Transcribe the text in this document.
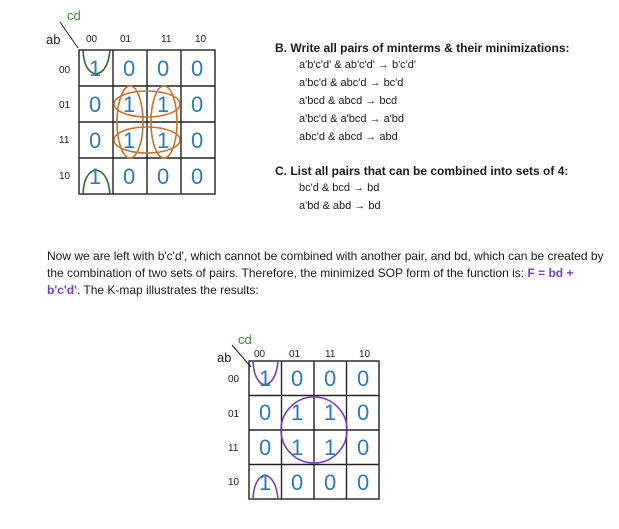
cd
ab	00 01	11 10
00
01
11
10
1 0 0 0
0 1 1 0
0 1 1 0
1 0 0 0
B. Write all pairs of minterms & their minimizations:
a'b'c'd' & ab'c'd' → b'c'd'
a'bc'd & abc'd → bc'd
a'bcd & abcd → bcd
a'bc'd & a'bcd → a'bd
abc'd & abcd → abd
C. List all pairs that can be combined into sets of 4:
bc'd & bcd → bd
a'bd & abd → bd
Now we are left with b'c'd', which cannot be combined with another pair, and bd, which can be created by the combination of two sets of pairs. Therefore, the minimized SOP form of the function is: F = bd + b'c'd'. The K-map illustrates the results:
cd
ab 00 01 11 10
00
01
11
10
1 0 0 0
0 1 1 0
0 1 1 0
1 0 0 0
